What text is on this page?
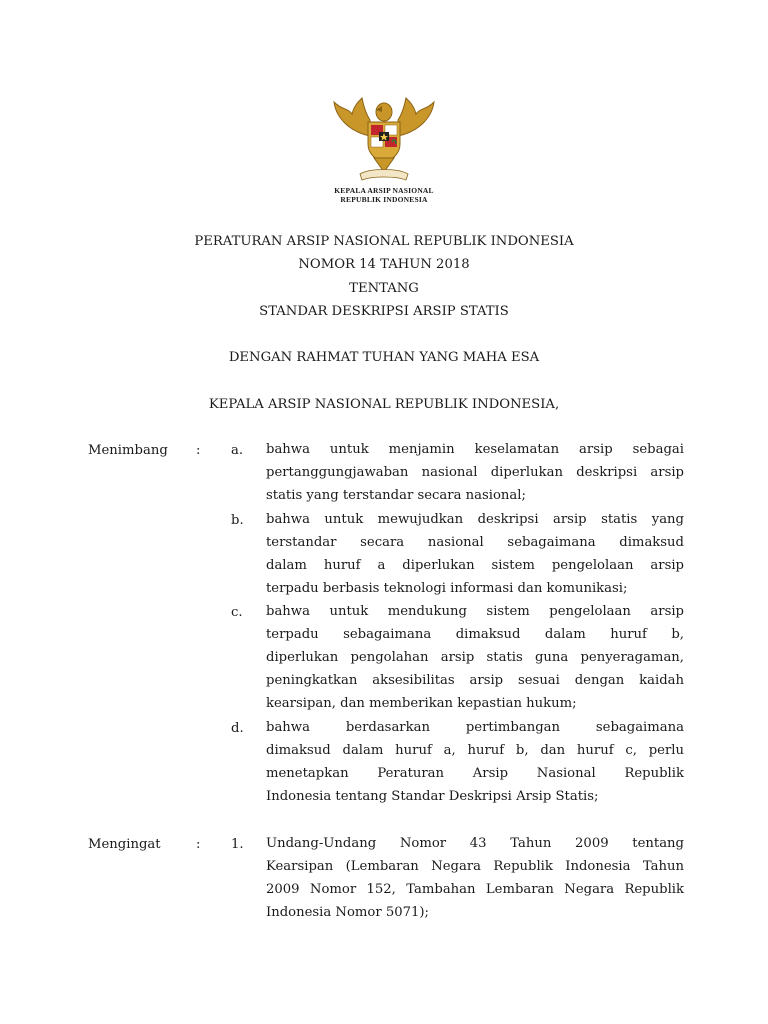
KEPALA ARSIP NASIONAL
REPUBLIK INDONESIA
PERATURAN ARSIP NASIONAL REPUBLIK INDONESIA
NOMOR 14 TAHUN 2018
TENTANG
STANDAR DESKRIPSI ARSIP STATIS
DENGAN RAHMAT TUHAN YANG MAHA ESA
KEPALA ARSIP NASIONAL REPUBLIK INDONESIA,
Menimbang : a. bahwa untuk menjamin keselamatan arsip sebagai
pertanggungjawaban nasional diperlukan deskripsi arsip
statis yang terstandar secara nasional;
b. bahwa untuk mewujudkan deskripsi arsip statis yang
terstandar secara nasional sebagaimana dimaksud
dalam huruf a diperlukan sistem pengelolaan arsip
terpadu berbasis teknologi informasi dan komunikasi;
c. bahwa untuk mendukung sistem pengelolaan arsip
terpadu sebagaimana dimaksud dalam huruf b,
diperlukan pengolahan arsip statis guna penyeragaman,
peningkatkan aksesibilitas arsip sesuai dengan kaidah
kearsipan, dan memberikan kepastian hukum;
d. bahwa berdasarkan pertimbangan sebagaimana
dimaksud dalam huruf a, huruf b, dan huruf c, perlu
menetapkan Peraturan Arsip Nasional Republik
Indonesia tentang Standar Deskripsi Arsip Statis;
Mengingat	: 1. Undang-Undang Nomor 43 Tahun 2009 tentang
Kearsipan (Lembaran Negara Republik Indonesia Tahun
2009 Nomor 152, Tambahan Lembaran Negara Republik
Indonesia Nomor 5071);
